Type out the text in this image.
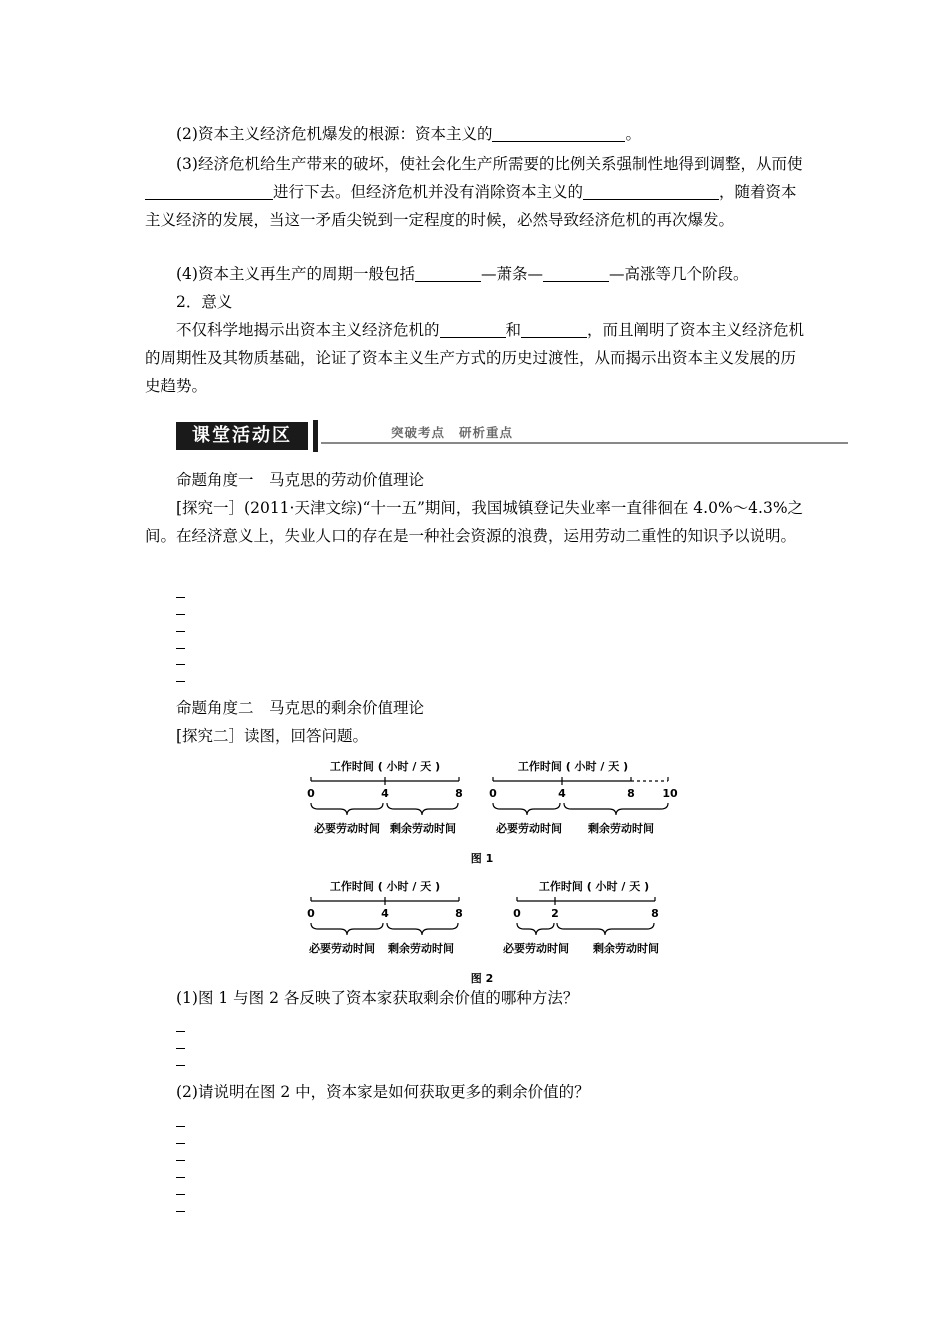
(2)资本主义经济危机爆发的根源：资本主义的	。

(3)经济危机给生产带来的破坏，使社会化生产所需要的比例关系强制性地得到调整，从而使进行下去。但经济危机并没有消除资本主义的	，随着资本主义经济的发展，当这一矛盾尖锐到一定程度的时候，必然导致经济危机的再次爆发。

(4)资本主义再生产的周期一般包括	—萧条—	—高涨等几个阶段。

2．意义

不仅科学地揭示出资本主义经济危机的	和	，而且阐明了资本主义经济危机的周期性及其物质基础，论证了资本主义生产方式的历史过渡性，从而揭示出资本主义发展的历史趋势。

课堂活动区	突破考点 研析重点

命题角度一　马克思的劳动价值理论

[探究一］(2011·天津文综)“十一五”期间，我国城镇登记失业率一直徘徊在 4.0%～4.3%之间。在经济意义上，失业人口的存在是一种社会资源的浪费，运用劳动二重性的知识予以说明。

命题角度二　马克思的剩余价值理论

[探究二］读图，回答问题。

工作时间 ( 小时 / 天 )	工作时间 ( 小时 / 天 )
工作时间 ( 小时 / 天 )	工作时间 ( 小时 / 天 )
0	4	8 0	4	8	10
0	4	8	0	2	8
必要劳动时间 剩余劳动时间	必要劳动时间 剩余劳动时间
必要劳动时间 剩余劳动时间	必要劳动时间 剩余劳动时间
图 1
图 2

(1)图 1 与图 2 各反映了资本家获取剩余价值的哪种方法？

(2)请说明在图 2 中，资本家是如何获取更多的剩余价值的？
